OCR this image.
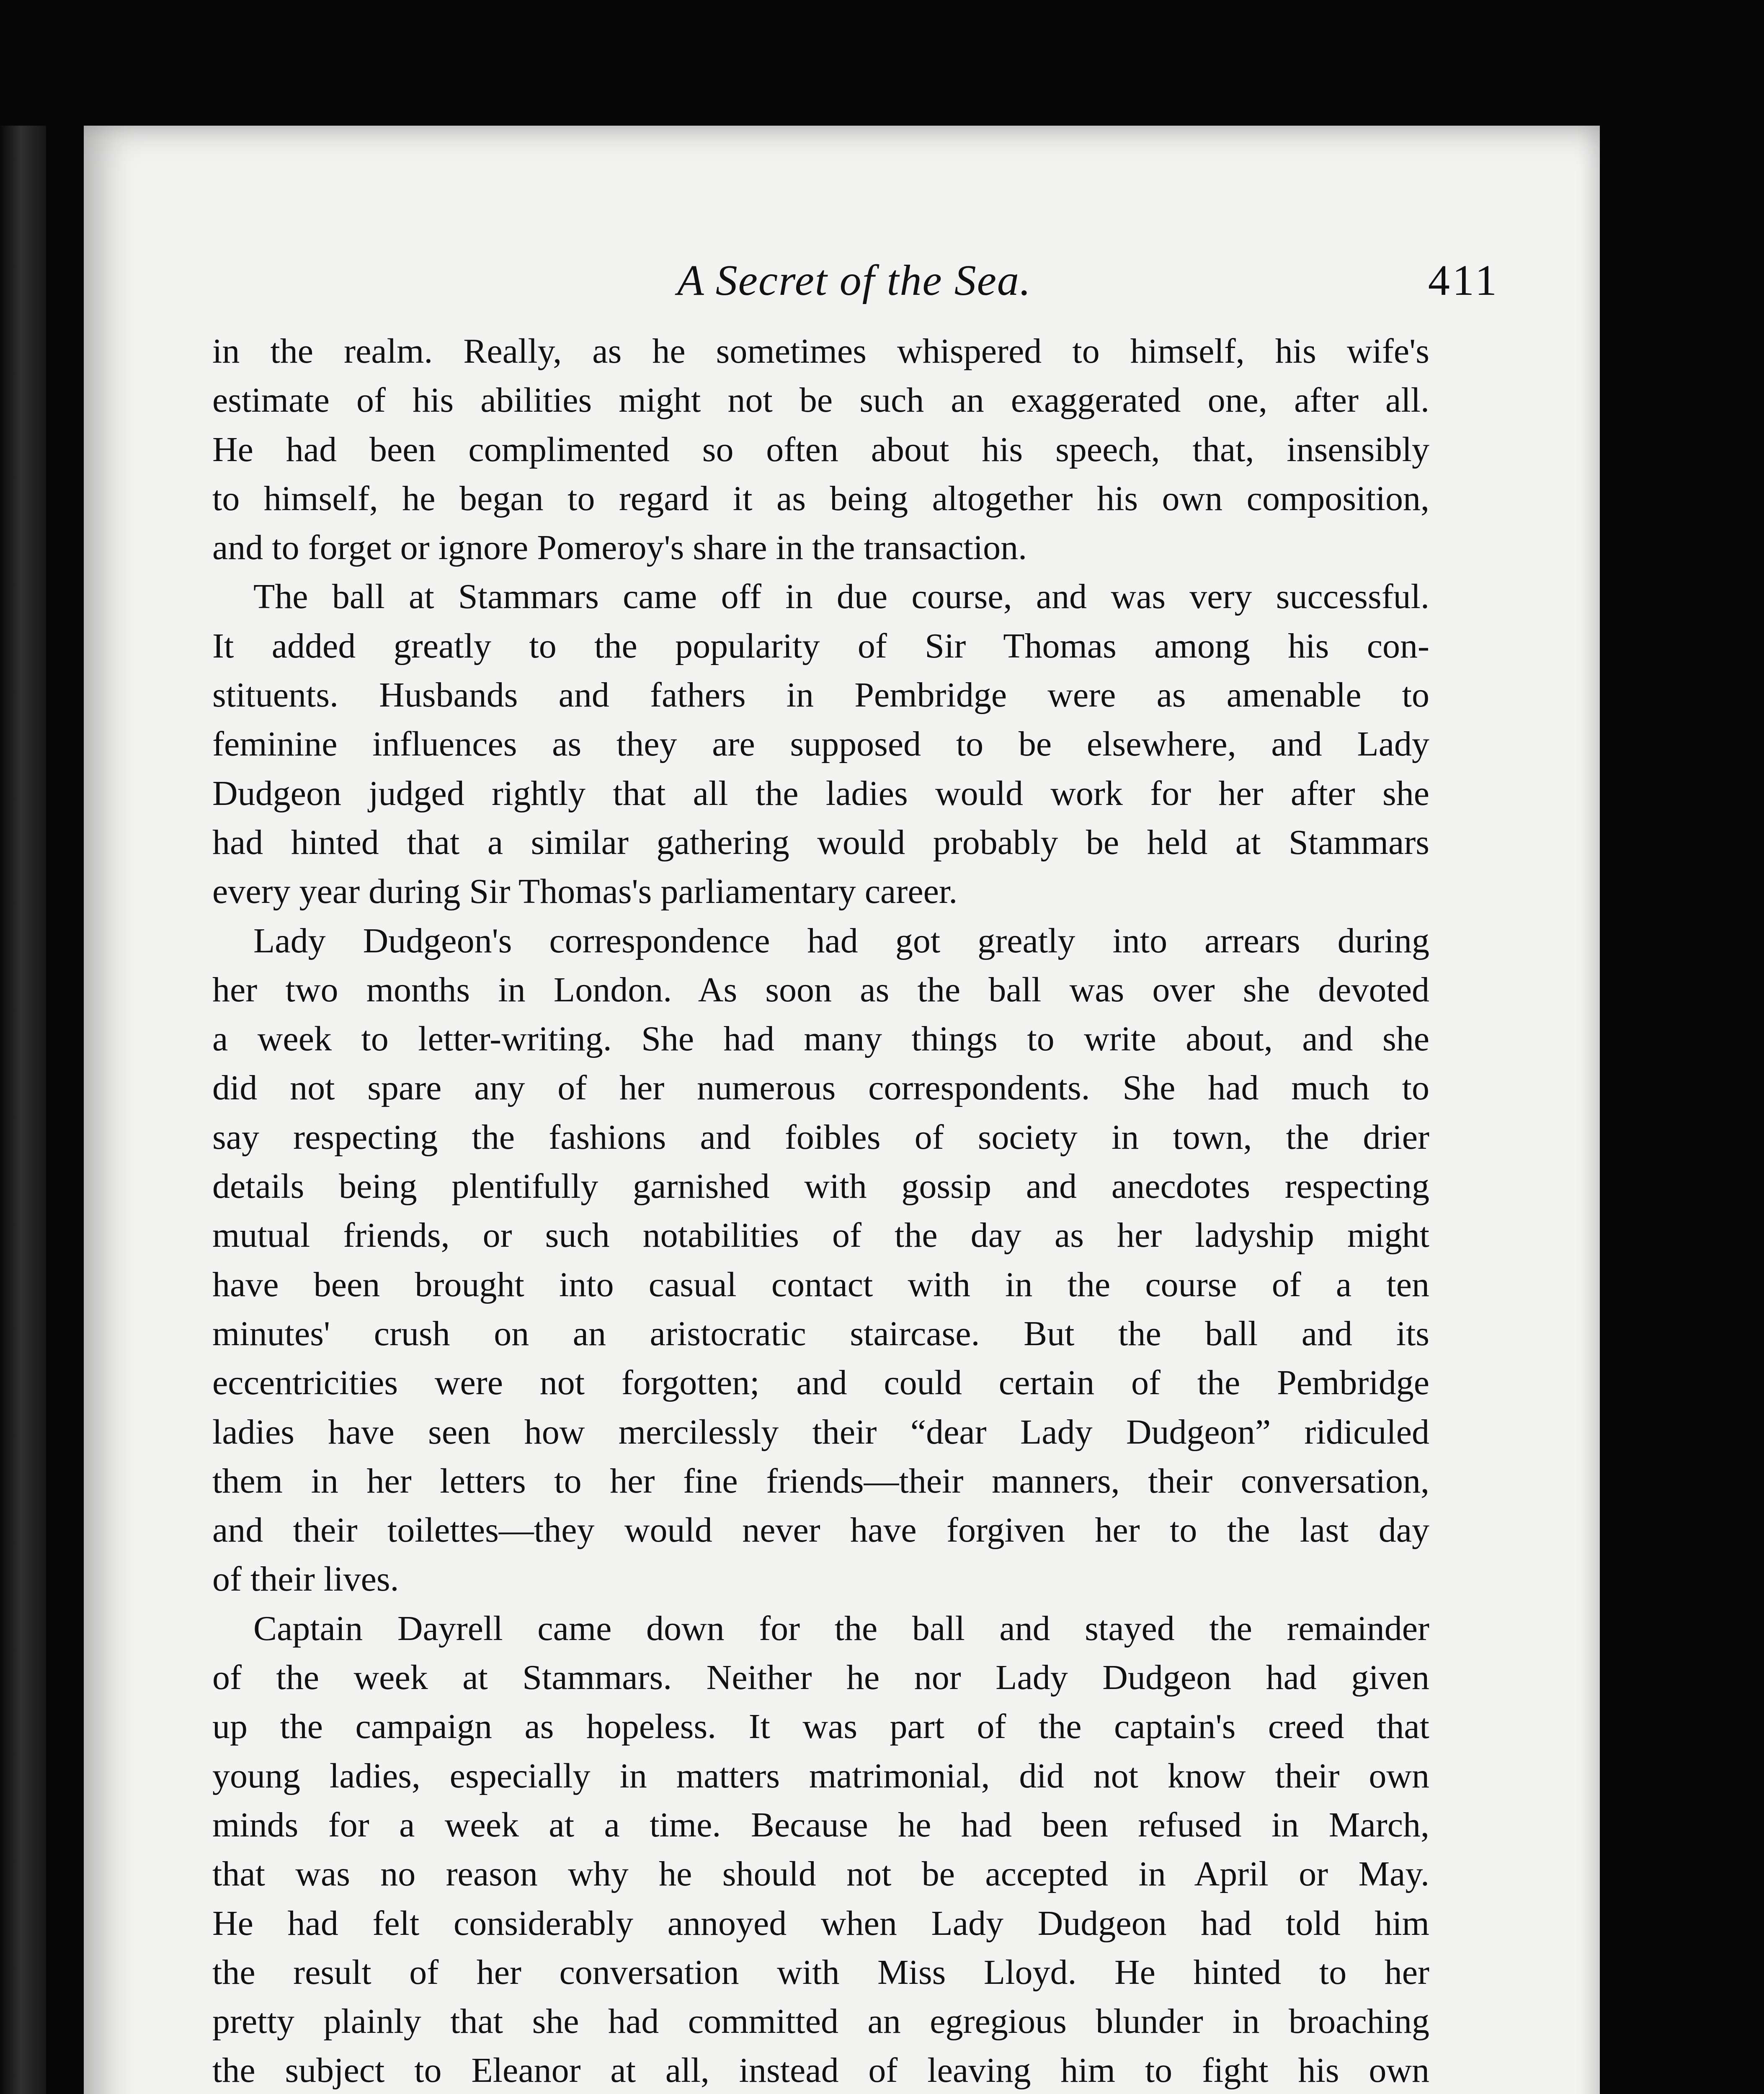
A Secret of the Sea.	411
in the realm. Really, as he sometimes whispered to himself, his wife's
estimate of his abilities might not be such an exaggerated one, after all.
He had been complimented so often about his speech, that, insensibly
to himself, he began to regard it as being altogether his own composition,
and to forget or ignore Pomeroy's share in the transaction.
The ball at Stammars came off in due course, and was very successful.
It added greatly to the popularity of Sir Thomas among his con-
stituents. Husbands and fathers in Pembridge were as amenable to
feminine influences as they are supposed to be elsewhere, and Lady
Dudgeon judged rightly that all the ladies would work for her after she
had hinted that a similar gathering would probably be held at Stammars
every year during Sir Thomas's parliamentary career.
Lady Dudgeon's correspondence had got greatly into arrears during
her two months in London. As soon as the ball was over she devoted
a week to letter-writing. She had many things to write about, and she
did not spare any of her numerous correspondents. She had much to
say respecting the fashions and foibles of society in town, the drier
details being plentifully garnished with gossip and anecdotes respecting
mutual friends, or such notabilities of the day as her ladyship might
have been brought into casual contact with in the course of a ten
minutes' crush on an aristocratic staircase. But the ball and its
eccentricities were not forgotten; and could certain of the Pembridge
ladies have seen how mercilessly their “dear Lady Dudgeon” ridiculed
them in her letters to her fine friends—their manners, their conversation,
and their toilettes—they would never have forgiven her to the last day
of their lives.
Captain Dayrell came down for the ball and stayed the remainder
of the week at Stammars. Neither he nor Lady Dudgeon had given
up the campaign as hopeless. It was part of the captain's creed that
young ladies, especially in matters matrimonial, did not know their own
minds for a week at a time. Because he had been refused in March,
that was no reason why he should not be accepted in April or May.
He had felt considerably annoyed when Lady Dudgeon had told him
the result of her conversation with Miss Lloyd. He hinted to her
pretty plainly that she had committed an egregious blunder in broaching
the subject to Eleanor at all, instead of leaving him to fight his own
